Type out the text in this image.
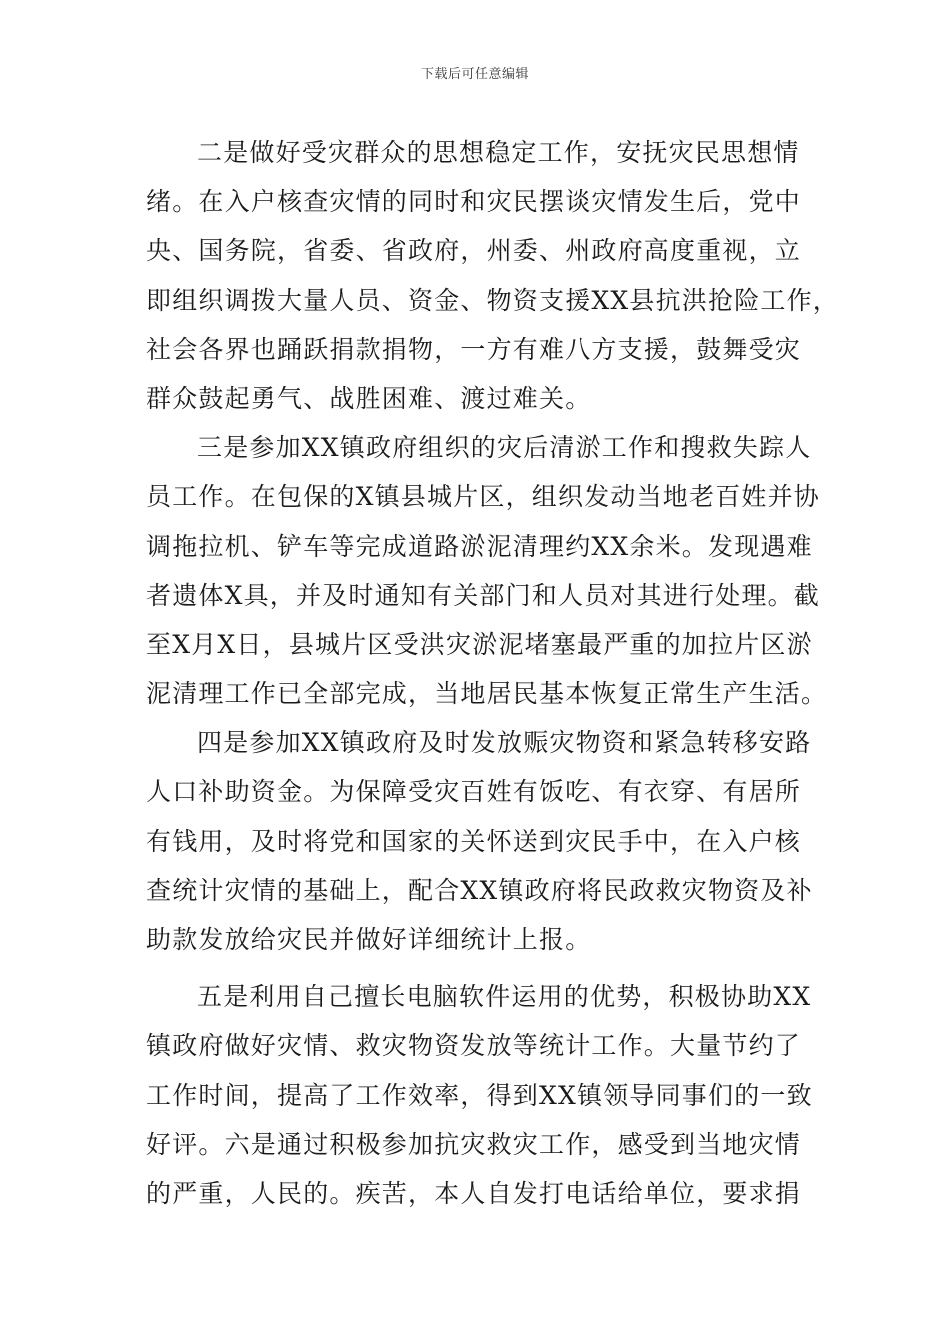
下载后可任意编辑
二是做好受灾群众的思想稳定工作，安抚灾民思想情
绪。在入户核查灾情的同时和灾民摆谈灾情发生后，党中
央、国务院，省委、省政府，州委、州政府高度重视，立
即组织调拨大量人员、资金、物资支援XX县抗洪抢险工作，
社会各界也踊跃捐款捐物，一方有难八方支援，鼓舞受灾
群众鼓起勇气、战胜困难、渡过难关。
三是参加XX镇政府组织的灾后清淤工作和搜救失踪人
员工作。在包保的X镇县城片区，组织发动当地老百姓并协
调拖拉机、铲车等完成道路淤泥清理约XX余米。发现遇难
者遗体X具，并及时通知有关部门和人员对其进行处理。截
至X月X日，县城片区受洪灾淤泥堵塞最严重的加拉片区淤
泥清理工作已全部完成，当地居民基本恢复正常生产生活。
四是参加XX镇政府及时发放赈灾物资和紧急转移安路
人口补助资金。为保障受灾百姓有饭吃、有衣穿、有居所
有钱用，及时将党和国家的关怀送到灾民手中，在入户核
查统计灾情的基础上，配合XX镇政府将民政救灾物资及补
助款发放给灾民并做好详细统计上报。
五是利用自己擅长电脑软件运用的优势，积极协助XX
镇政府做好灾情、救灾物资发放等统计工作。大量节约了
工作时间，提高了工作效率，得到XX镇领导同事们的一致
好评。六是通过积极参加抗灾救灾工作，感受到当地灾情
的严重，人民的。疾苦，本人自发打电话给单位，要求捐
